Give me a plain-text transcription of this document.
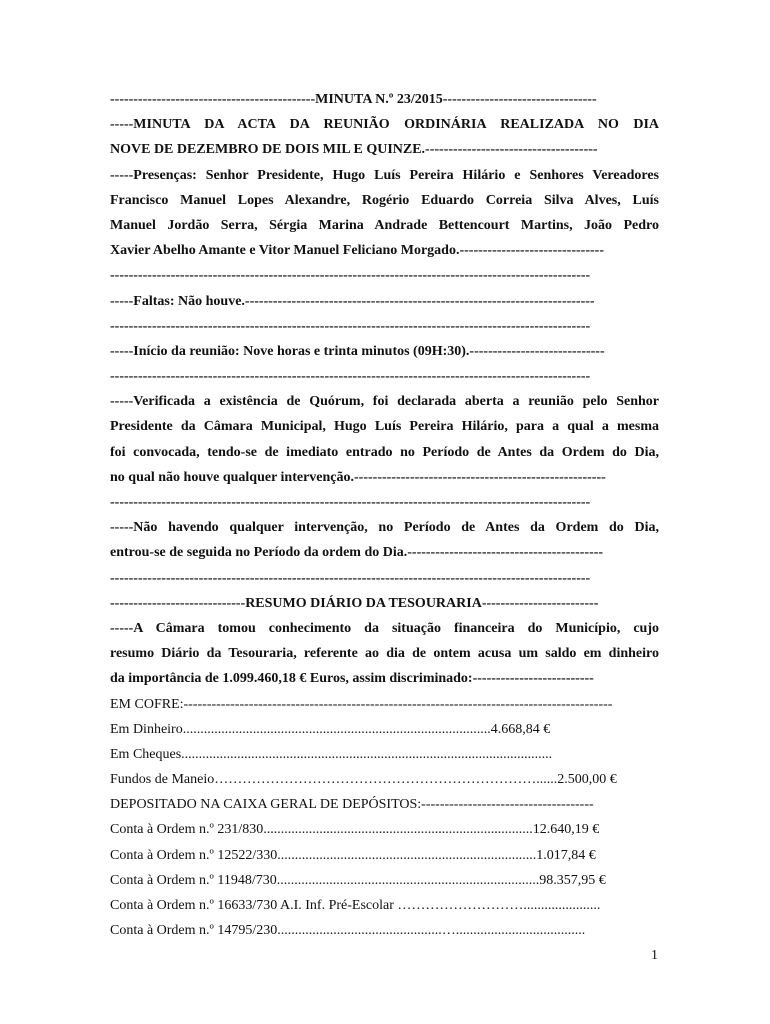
--------------------------------------------MINUTA N.º 23/2015---------------------------------
-----MINUTA DA ACTA DA REUNIÃO ORDINÁRIA REALIZADA NO DIA
NOVE DE DEZEMBRO DE DOIS MIL E QUINZE.-------------------------------------
-----Presenças: Senhor Presidente, Hugo Luís Pereira Hilário e Senhores Vereadores
Francisco Manuel Lopes Alexandre, Rogério Eduardo Correia Silva Alves, Luís
Manuel Jordão Serra, Sérgia Marina Andrade Bettencourt Martins, João Pedro
Xavier Abelho Amante e Vitor Manuel Feliciano Morgado.-------------------------------
-------------------------------------------------------------------------------------------------------
-----Faltas: Não houve.---------------------------------------------------------------------------
-------------------------------------------------------------------------------------------------------
-----Início da reunião: Nove horas e trinta minutos (09H:30).-----------------------------
-------------------------------------------------------------------------------------------------------
-----Verificada a existência de Quórum, foi declarada aberta a reunião pelo Senhor
Presidente da Câmara Municipal, Hugo Luís Pereira Hilário, para a qual a mesma
foi convocada, tendo-se de imediato entrado no Período de Antes da Ordem do Dia,
no qual não houve qualquer intervenção.------------------------------------------------------
-------------------------------------------------------------------------------------------------------
-----Não havendo qualquer intervenção, no Período de Antes da Ordem do Dia,
entrou-se de seguida no Período da ordem do Dia.------------------------------------------
-------------------------------------------------------------------------------------------------------
-----------------------------RESUMO DIÁRIO DA TESOURARIA-------------------------
-----A Câmara tomou conhecimento da situação financeira do Município, cujo
resumo Diário da Tesouraria, referente ao dia de ontem acusa um saldo em dinheiro
da importância de 1.099.460,18 € Euros, assim discriminado:--------------------------
EM COFRE:--------------------------------------------------------------------------------------------
Em Dinheiro........................................................................................4.668,84 €
Em Cheques..........................................................................................................
Fundos de Maneio……………………………………………………………......2.500,00 €
DEPOSITADO NA CAIXA GERAL DE DEPÓSITOS:-------------------------------------
Conta à Ordem n.º 231/830.............................................................................12.640,19 €
Conta à Ordem n.º 12522/330..........................................................................1.017,84 €
Conta à Ordem n.º 11948/730...........................................................................98.357,95 €
Conta à Ordem n.º 16633/730 A.I. Inf. Pré-Escolar ………………………......................
Conta à Ordem n.º 14795/230...............................................….....................................
1
